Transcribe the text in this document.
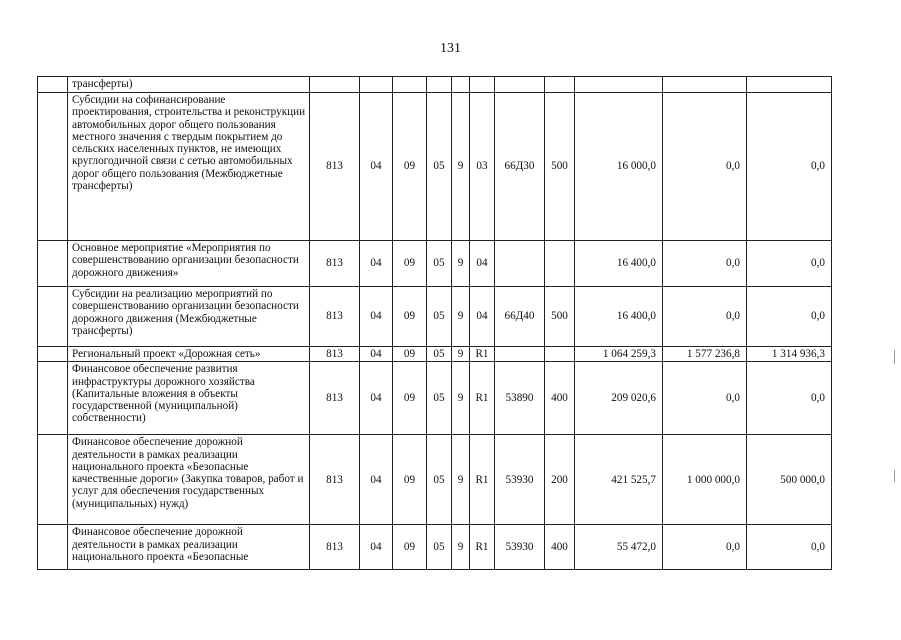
131
	трансферты)											
	Субсидии на софинансирование проектирования, строительства и реконструкции автомобильных дорог общего пользования местного значения с твердым покрытием до сельских населенных пунктов, не имеющих круглогодичной связи с сетью автомобильных дорог общего пользования (Межбюджетные трансферты)	813	04	09	05	9	03	66Д30	500	16 000,0	0,0	0,0
	Основное мероприятие «Мероприятия по совершенствованию организации безопасности дорожного движения»	813	04	09	05	9	04			16 400,0	0,0	0,0
	Субсидии на реализацию мероприятий по совершенствованию организации безопасности дорожного движения (Межбюджетные трансферты)	813	04	09	05	9	04	66Д40	500	16 400,0	0,0	0,0
	Региональный проект «Дорожная сеть»	813	04	09	05	9	R1			1 064 259,3	1 577 236,8	1 314 936,3
	Финансовое обеспечение развития инфраструктуры дорожного хозяйства (Капитальные вложения в объекты государственной (муниципальной) собственности)	813	04	09	05	9	R1	53890	400	209 020,6	0,0	0,0
	Финансовое обеспечение дорожной деятельности в рамках реализации национального проекта «Безопасные качественные дороги» (Закупка товаров, работ и услуг для обеспечения государственных (муниципальных) нужд)	813	04	09	05	9	R1	53930	200	421 525,7	1 000 000,0	500 000,0
	Финансовое обеспечение дорожной деятельности в рамках реализации национального проекта «Безопасные	813	04	09	05	9	R1	53930	400	55 472,0	0,0	0,0
